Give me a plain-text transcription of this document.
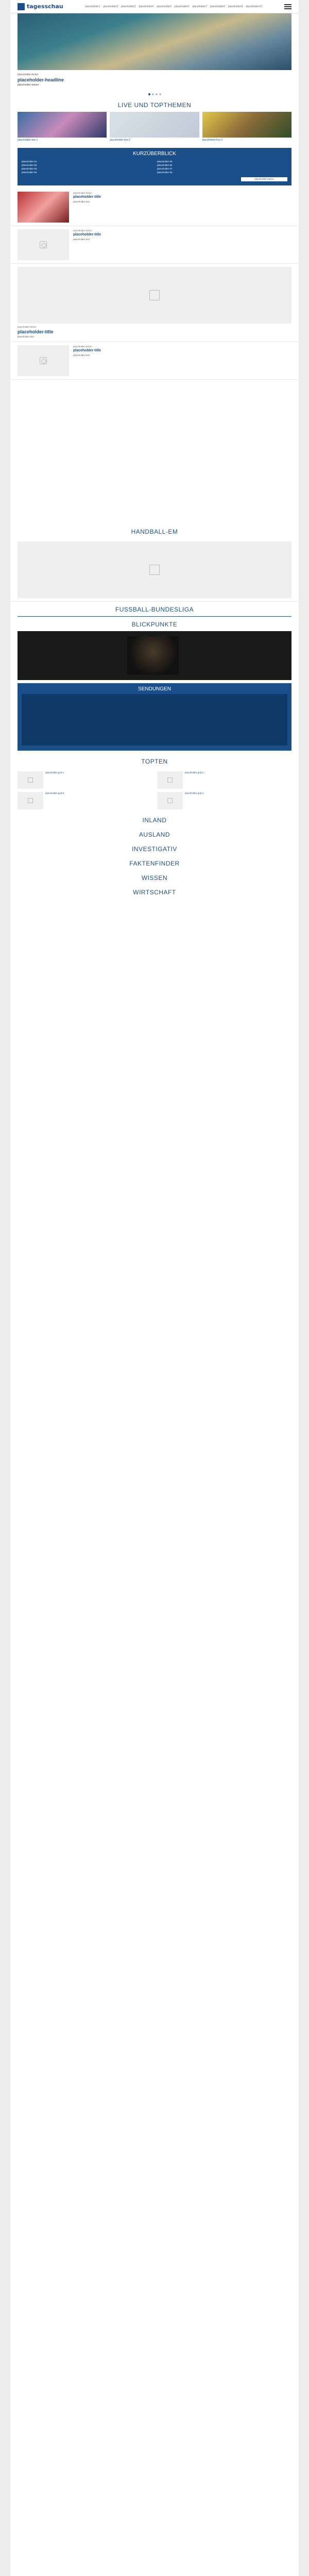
tagesschau	placeholder1 placeholder2 placeholder3 placeholder4 placeholder5 placeholder6 placeholder7 placeholder8 placeholder9 placeholder10
placeholder-kicker
placeholder-headline
placeholder-teaser
LIVE UND TOPTHEMEN
placeholder-live-1	placeholder-live-2	placeholder-live-3
KURZÜBERBLICK
placeholder-k1
placeholder-k2
placeholder-k3
placeholder-k4
placeholder-k5
placeholder-k6
placeholder-k7
placeholder-k8
placeholder-button
placeholder-kicker
placeholder-title
placeholder-text
placeholder-kicker
placeholder-title
placeholder-text
placeholder-kicker
placeholder-title
placeholder-text
placeholder-kicker
placeholder-title
placeholder-text
HANDBALL-EM
FUSSBALL-BUNDESLIGA
BLICKPUNKTE
SENDUNGEN
TOPTEN
placeholder-grid-1	placeholder-grid-2
placeholder-grid-3	placeholder-grid-4
INLAND
AUSLAND
INVESTIGATIV
FAKTENFINDER
WISSEN
WIRTSCHAFT
